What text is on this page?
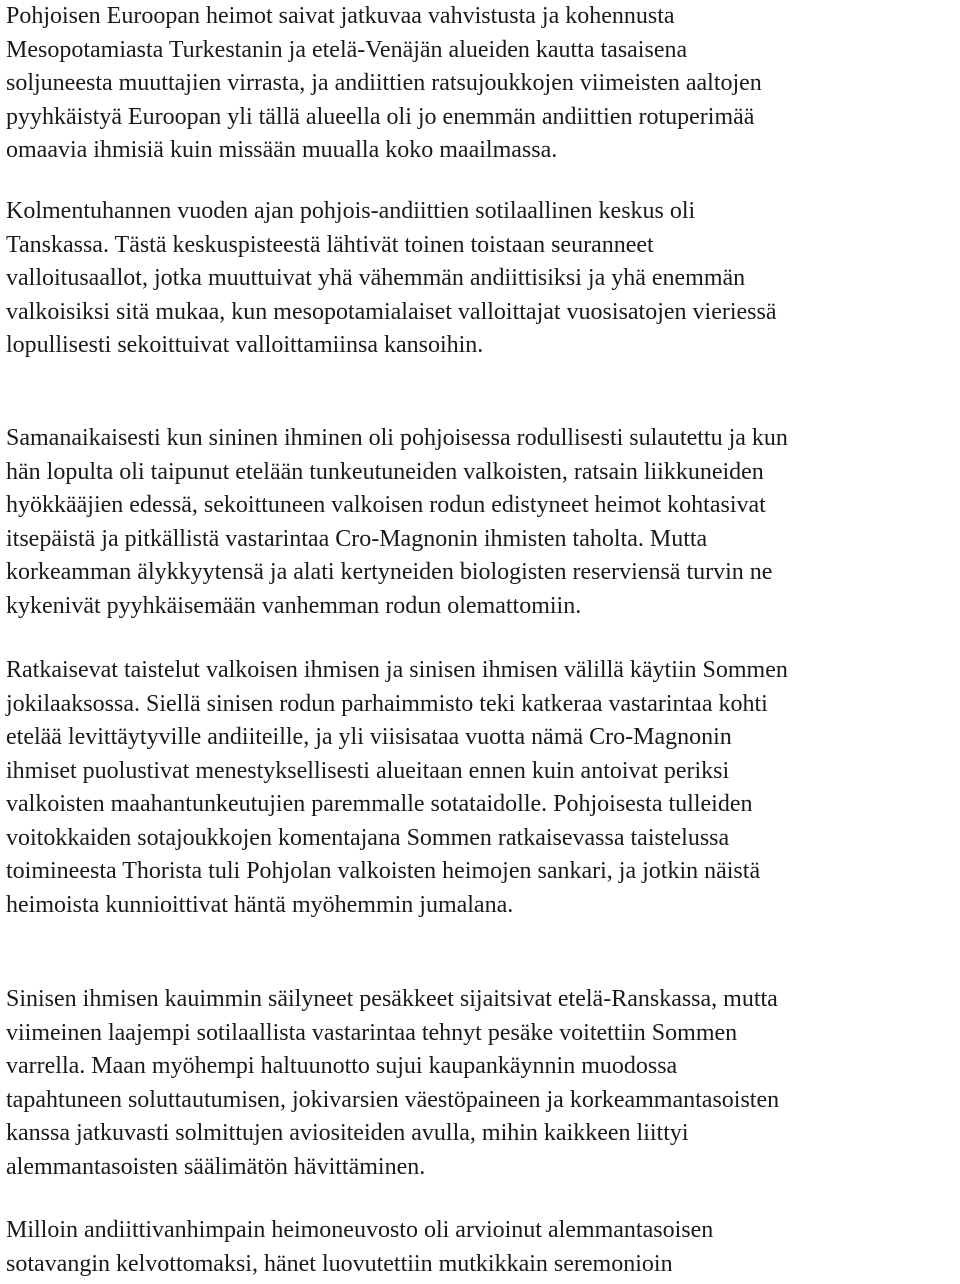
Pohjoisen Euroopan heimot saivat jatkuvaa vahvistusta ja kohennusta
Mesopotamiasta Turkestanin ja etelä-Venäjän alueiden kautta tasaisena
soljuneesta muuttajien virrasta, ja andiittien ratsujoukkojen viimeisten aaltojen
pyyhkäistyä Euroopan yli tällä alueella oli jo enemmän andiittien rotuperimää
omaavia ihmisiä kuin missään muualla koko maailmassa.

Kolmentuhannen vuoden ajan pohjois-andiittien sotilaallinen keskus oli
Tanskassa. Tästä keskuspisteestä lähtivät toinen toistaan seuranneet
valloitusaallot, jotka muuttuivat yhä vähemmän andiittisiksi ja yhä enemmän
valkoisiksi sitä mukaa, kun mesopotamialaiset valloittajat vuosisatojen vieriessä
lopullisesti sekoittuivat valloittamiinsa kansoihin.

Samanaikaisesti kun sininen ihminen oli pohjoisessa rodullisesti sulautettu ja kun
hän lopulta oli taipunut etelään tunkeutuneiden valkoisten, ratsain liikkuneiden
hyökkääjien edessä, sekoittuneen valkoisen rodun edistyneet heimot kohtasivat
itsepäistä ja pitkällistä vastarintaa Cro-Magnonin ihmisten taholta. Mutta
korkeamman älykkyytensä ja alati kertyneiden biologisten reserviensä turvin ne
kykenivät pyyhkäisemään vanhemman rodun olemattomiin.

Ratkaisevat taistelut valkoisen ihmisen ja sinisen ihmisen välillä käytiin Sommen
jokilaaksossa. Siellä sinisen rodun parhaimmisto teki katkeraa vastarintaa kohti
etelää levittäytyville andiiteille, ja yli viisisataa vuotta nämä Cro-Magnonin
ihmiset puolustivat menestyksellisesti alueitaan ennen kuin antoivat periksi
valkoisten maahantunkeutujien paremmalle sotataidolle. Pohjoisesta tulleiden
voitokkaiden sotajoukkojen komentajana Sommen ratkaisevassa taistelussa
toimineesta Thorista tuli Pohjolan valkoisten heimojen sankari, ja jotkin näistä
heimoista kunnioittivat häntä myöhemmin jumalana.

Sinisen ihmisen kauimmin säilyneet pesäkkeet sijaitsivat etelä-Ranskassa, mutta
viimeinen laajempi sotilaallista vastarintaa tehnyt pesäke voitettiin Sommen
varrella. Maan myöhempi haltuunotto sujui kaupankäynnin muodossa
tapahtuneen soluttautumisen, jokivarsien väestöpaineen ja korkeammantasoisten
kanssa jatkuvasti solmittujen aviositeiden avulla, mihin kaikkeen liittyi
alemmantasoisten säälimätön hävittäminen.

Milloin andiittivanhimpain heimoneuvosto oli arvioinut alemmantasoisen
sotavangin kelvottomaksi, hänet luovutettiin mutkikkain seremonioin
